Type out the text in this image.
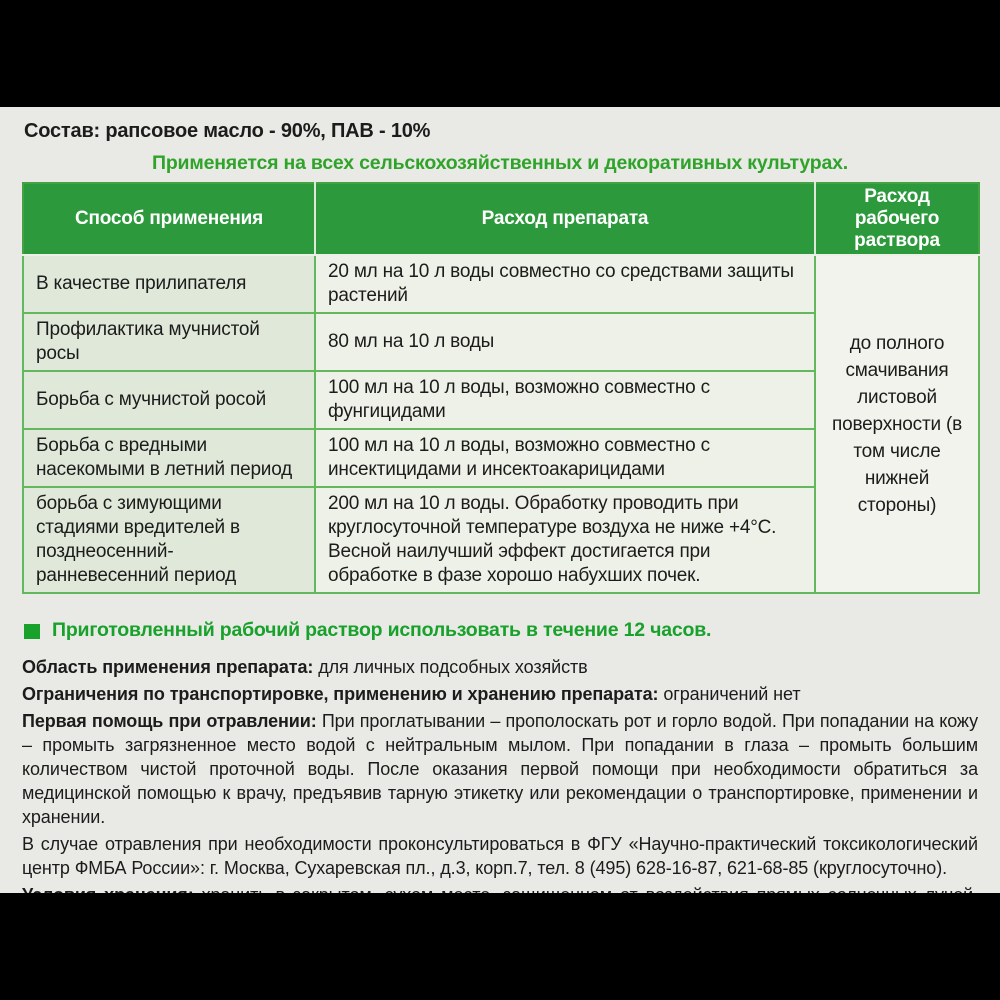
Состав: рапсовое масло - 90%, ПАВ - 10%
Применяется на всех сельскохозяйственных и декоративных культурах.
Способ применения	Расход препарата	Расход рабочего раствора
В качестве прилипателя	20 мл на 10 л воды совместно со средствами защиты растений	до полного смачивания листовой поверхности (в том числе нижней стороны)
Профилактика мучнистой росы	80 мл на 10 л воды	
Борьба с мучнистой росой	100 мл на 10 л воды, возможно совместно с фунгицидами	
Борьба с вредными насекомыми в летний период	100 мл на 10 л воды, возможно совместно с инсектицидами и инсектоакарицидами	
борьба с зимующими стадиями вредителей в позднеосенний-ранневесенний период	200 мл на 10 л воды. Обработку проводить при круглосуточной температуре воздуха не ниже +4°С. Весной наилучший эффект достигается при обработке в фазе хорошо набухших почек.	
Приготовленный рабочий раствор использовать в течение 12 часов.

Область применения препарата: для личных подсобных хозяйств

Ограничения по транспортировке, применению и хранению препарата: ограничений нет

Первая помощь при отравлении: При проглатывании – прополоскать рот и горло водой. При попадании на кожу – промыть загрязненное место водой с нейтральным мылом. При попадании в глаза – промыть большим количеством чистой проточной воды. После оказания первой помощи при необходимости обратиться за медицинской помощью к врачу, предъявив тарную этикетку или рекомендации о транспортировке, применении и хранении.

В случае отравления при необходимости проконсультироваться в ФГУ «Научно-практический токсикологический центр ФМБА России»: г. Москва, Сухаревская пл., д.3, корп.7, тел. 8 (495) 628-16-87, 621-68-85 (круглосуточно).
